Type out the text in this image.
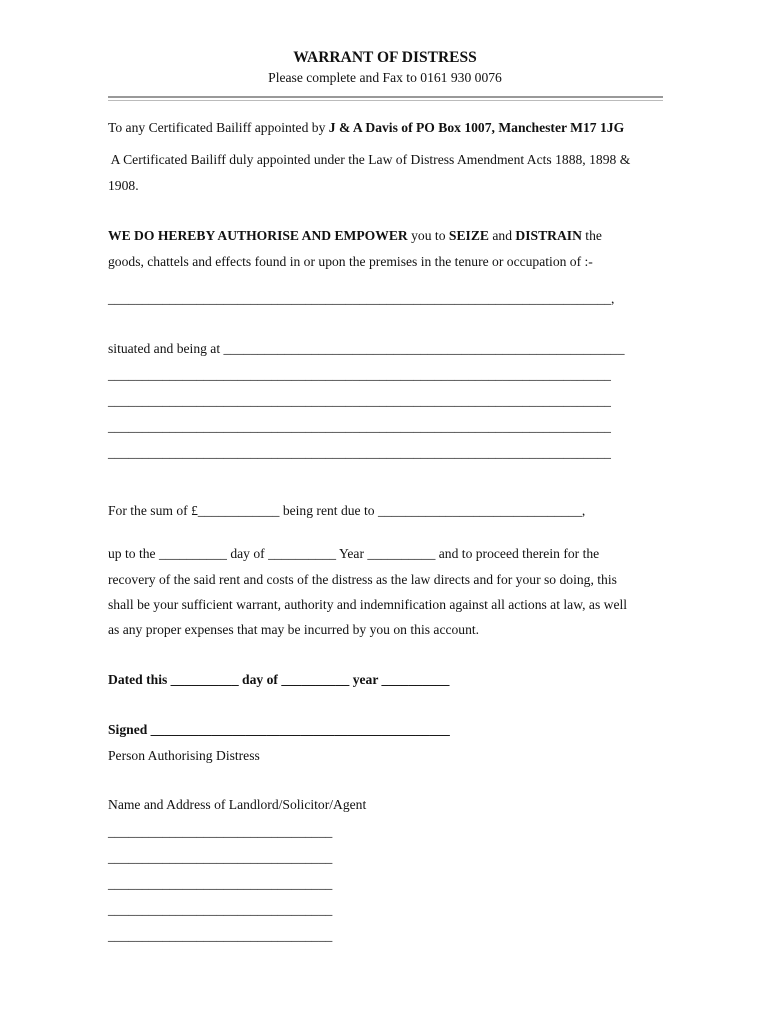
WARRANT OF DISTRESS
Please complete and Fax to 0161 930 0076
To any Certificated Bailiff appointed by J & A Davis of PO Box 1007, Manchester M17 1JG
A Certificated Bailiff duly appointed under the Law of Distress Amendment Acts 1888, 1898 &
1908.
WE DO HEREBY AUTHORISE AND EMPOWER you to SEIZE and DISTRAIN the
goods, chattels and effects found in or upon the premises in the tenure or occupation of :-
__________________________________________________________________________,
situated and being at ___________________________________________________________
__________________________________________________________________________
__________________________________________________________________________
__________________________________________________________________________
__________________________________________________________________________
For the sum of £____________ being rent due to ______________________________,
up to the __________ day of __________ Year __________ and to proceed therein for the
recovery of the said rent and costs of the distress as the law directs and for your so doing, this
shall be your sufficient warrant, authority and indemnification against all actions at law, as well
as any proper expenses that may be incurred by you on this account.
Dated this __________ day of __________ year __________
Signed ____________________________________________
Person Authorising Distress
Name and Address of Landlord/Solicitor/Agent
_________________________________
_________________________________
_________________________________
_________________________________
_________________________________
